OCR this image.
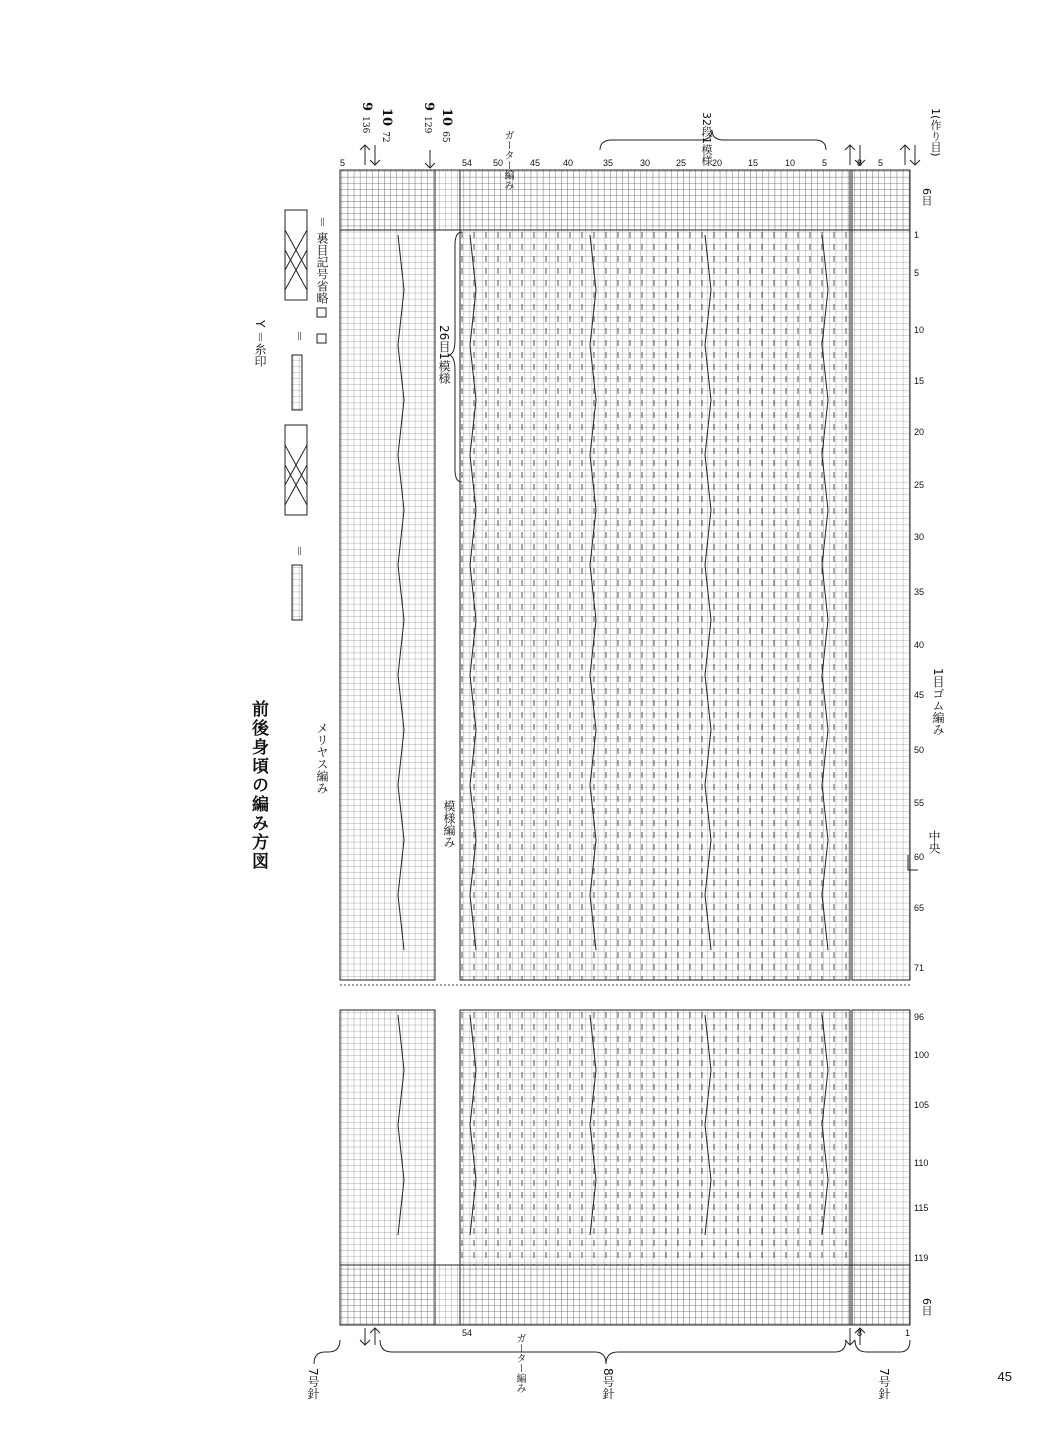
前後身頃の編み方図
Y ＝糸印
＝
＝
＝ 裏目記号省略
メリヤス編み
模様編み
26目1模様
ガーター編み
ガーター編み
32段1模様
1目ゴム編み
中央
1(作り目)
6目
6目
7号針	8号針	7号針
9 136 10 72
9 129 10 65
5	54 50	45	40	35	30	25	20	15	10	5	8 5
1
5
10
15
20
25
30
35
40
45
50
55
60
65
71
96
100
105
110
115
119
54	8	1
45
